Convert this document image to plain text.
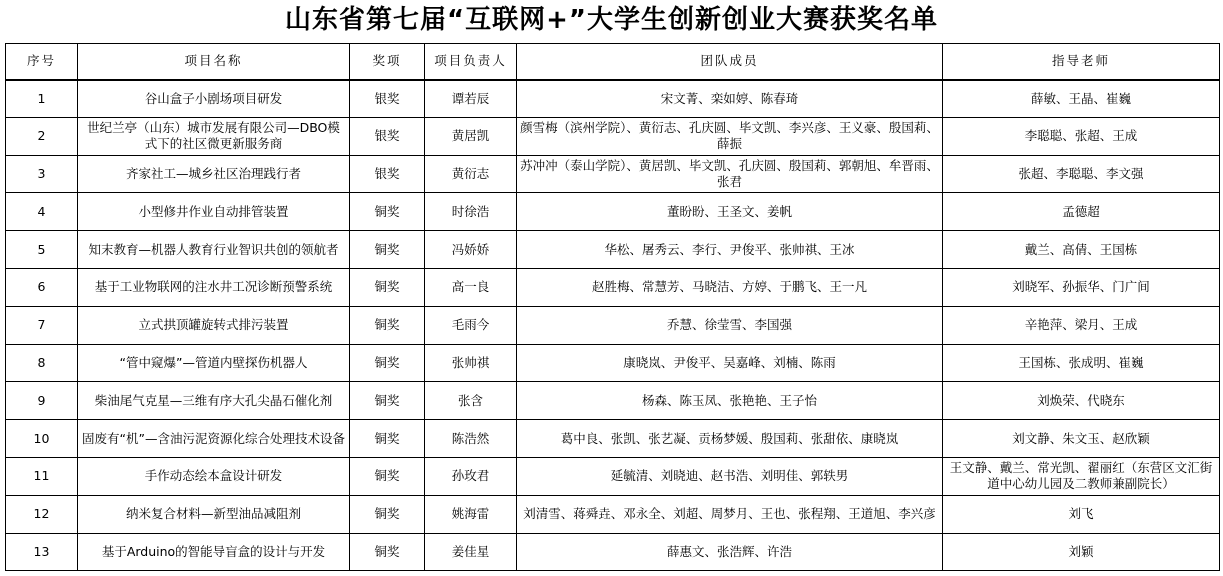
山东省第七届“互联网+”大学生创新创业大赛获奖名单
序号	项目名称	奖项	项目负责人	团队成员	指导老师
1	谷山盒子小剧场项目研发	银奖	谭若辰	宋文菁、栾如婷、陈春琦	薛敏、王晶、崔巍
2	世纪兰亭（山东）城市发展有限公司—DBO模式下的社区微更新服务商	银奖	黄居凯	颜雪梅（滨州学院）、黄衍志、孔庆圆、毕文凯、李兴彦、王义豪、殷国莉、薛振	李聪聪、张超、王成
3	齐家社工—城乡社区治理践行者	银奖	黄衍志	苏冲冲（泰山学院）、黄居凯、毕文凯、孔庆圆、殷国莉、郭朝旭、牟晋雨、张君	张超、李聪聪、李文强
4	小型修井作业自动排管装置	铜奖	时徐浩	董盼盼、王圣文、姜帆	孟德超
5	知末教育—机器人教育行业智识共创的领航者	铜奖	冯娇娇	华松、屠秀云、李行、尹俊平、张帅祺、王冰	戴兰、高倩、王国栋
6	基于工业物联网的注水井工况诊断预警系统	铜奖	高一良	赵胜梅、常慧芳、马晓洁、方婷、于鹏飞、王一凡	刘晓军、孙振华、门广间
7	立式拱顶罐旋转式排污装置	铜奖	毛雨今	乔慧、徐莹雪、李国强	辛艳萍、梁月、王成
8	“管中窥爆”—管道内壁探伤机器人	铜奖	张帅祺	康晓岚、尹俊平、吴嘉峰、刘楠、陈雨	王国栋、张成明、崔巍
9	柴油尾气克星—三维有序大孔尖晶石催化剂	铜奖	张含	杨森、陈玉凤、张艳艳、王子怡	刘焕荣、代晓东
10	固废有“机”—含油污泥资源化综合处理技术设备	铜奖	陈浩然	葛中良、张凯、张艺凝、贡杨梦媛、殷国莉、张甜依、康晓岚	刘文静、朱文玉、赵欣颖
11	手作动态绘本盒设计研发	铜奖	孙玫君	延毓清、刘晓迪、赵书浩、刘明佳、郭轶男	王文静、戴兰、常光凯、翟丽红（东营区文汇街道中心幼儿园及二教师兼副院长）
12	纳米复合材料—新型油品减阻剂	铜奖	姚海雷	刘清雪、蒋舜垚、邓永全、刘超、周梦月、王也、张程翔、王道旭、李兴彦	刘飞
13	基于Arduino的智能导盲盒的设计与开发	铜奖	姜佳星	薛惠文、张浩辉、许浩	刘颖
